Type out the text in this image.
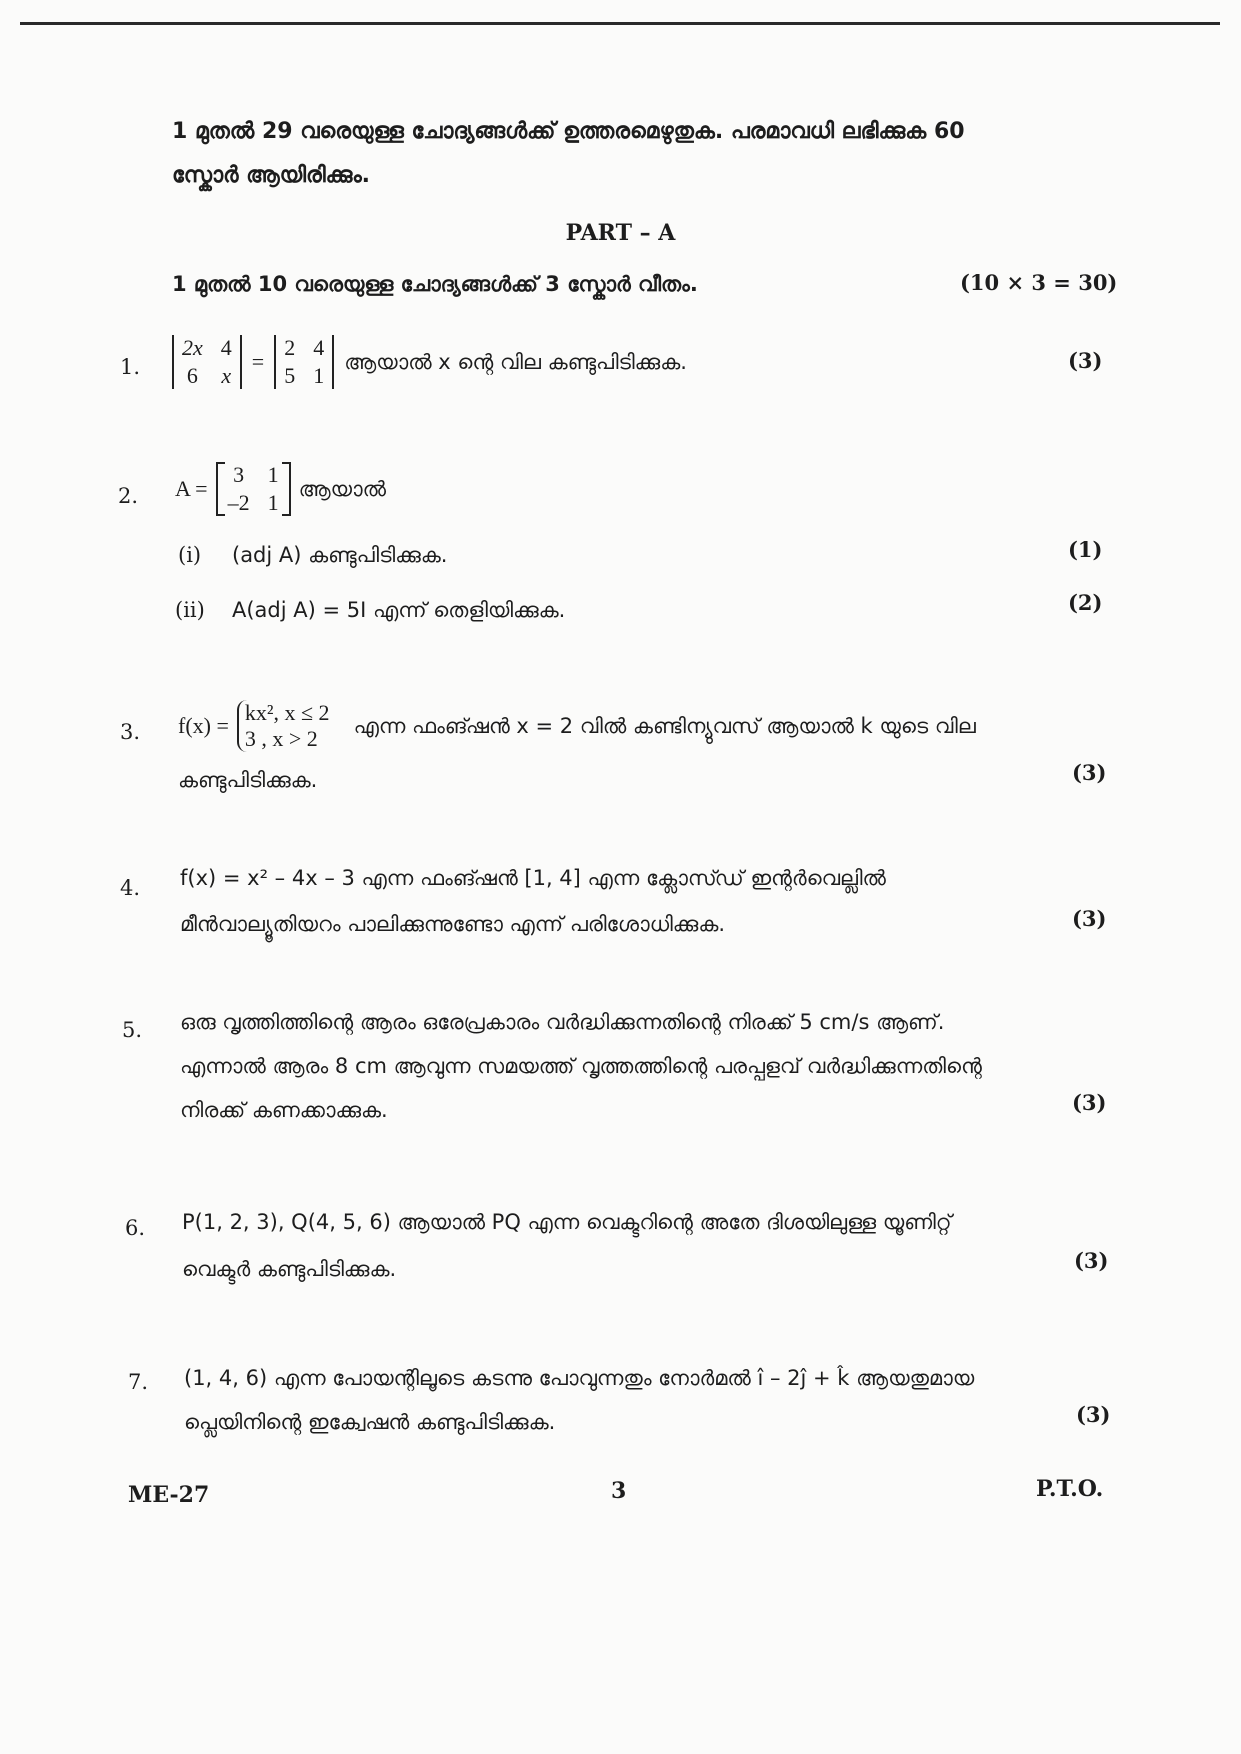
1 മുതൽ 29 വരെയുള്ള ചോദ്യങ്ങൾക്ക് ഉത്തരമെഴുതുക. പരമാവധി ലഭിക്കുക 60
സ്കോർ ആയിരിക്കും.
PART – A
1 മുതൽ 10 വരെയുള്ള ചോദ്യങ്ങൾക്ക് 3 സ്കോർ വീതം.	(10 × 3 = 30)
1.
2x 4
6 x
=
2 4
5 1
ആയാൽ x ന്റെ വില കണ്ടുപിടിക്കുക.	(3)
2. A =
3 1
–2 1
ആയാൽ
(i) (adj A) കണ്ടുപിടിക്കുക.	(1)
(ii) A(adj A) = 5I എന്ന് തെളിയിക്കുക.	(2)
3. f(x) =
kx², x ≤ 2
3 , x > 2
എന്ന ഫംങ്ഷൻ x = 2 വിൽ കണ്ടിന്യുവസ് ആയാൽ k യുടെ വില
കണ്ടുപിടിക്കുക.	(3)
4. f(x) = x² – 4x – 3 എന്ന ഫംങ്ഷൻ [1, 4] എന്ന ക്ലോസ്ഡ് ഇന്റർവെല്ലിൽ
മീൻവാല്യൂതിയറം പാലിക്കുന്നുണ്ടോ എന്ന് പരിശോധിക്കുക.	(3)
5. ഒരു വൃത്തിത്തിന്റെ ആരം ഒരേപ്രകാരം വർദ്ധിക്കുന്നതിന്റെ നിരക്ക് 5 cm/s ആണ്.
എന്നാൽ ആരം 8 cm ആവുന്ന സമയത്ത് വൃത്തത്തിന്റെ പരപ്പളവ് വർദ്ധിക്കുന്നതിന്റെ
നിരക്ക് കണക്കാക്കുക.	(3)
6. P(1, 2, 3), Q(4, 5, 6) ആയാൽ PQ എന്ന വെക്ടറിന്റെ അതേ ദിശയിലുള്ള യൂണിറ്റ്
വെക്ടർ കണ്ടുപിടിക്കുക.	(3)
7. (1, 4, 6) എന്ന പോയന്റിലൂടെ കടന്നു പോവുന്നതും നോർമൽ î – 2ĵ + k̂ ആയതുമായ
പ്ലെയിനിന്റെ ഇക്വേഷൻ കണ്ടുപിടിക്കുക.	(3)
ME-27	3	P.T.O.
